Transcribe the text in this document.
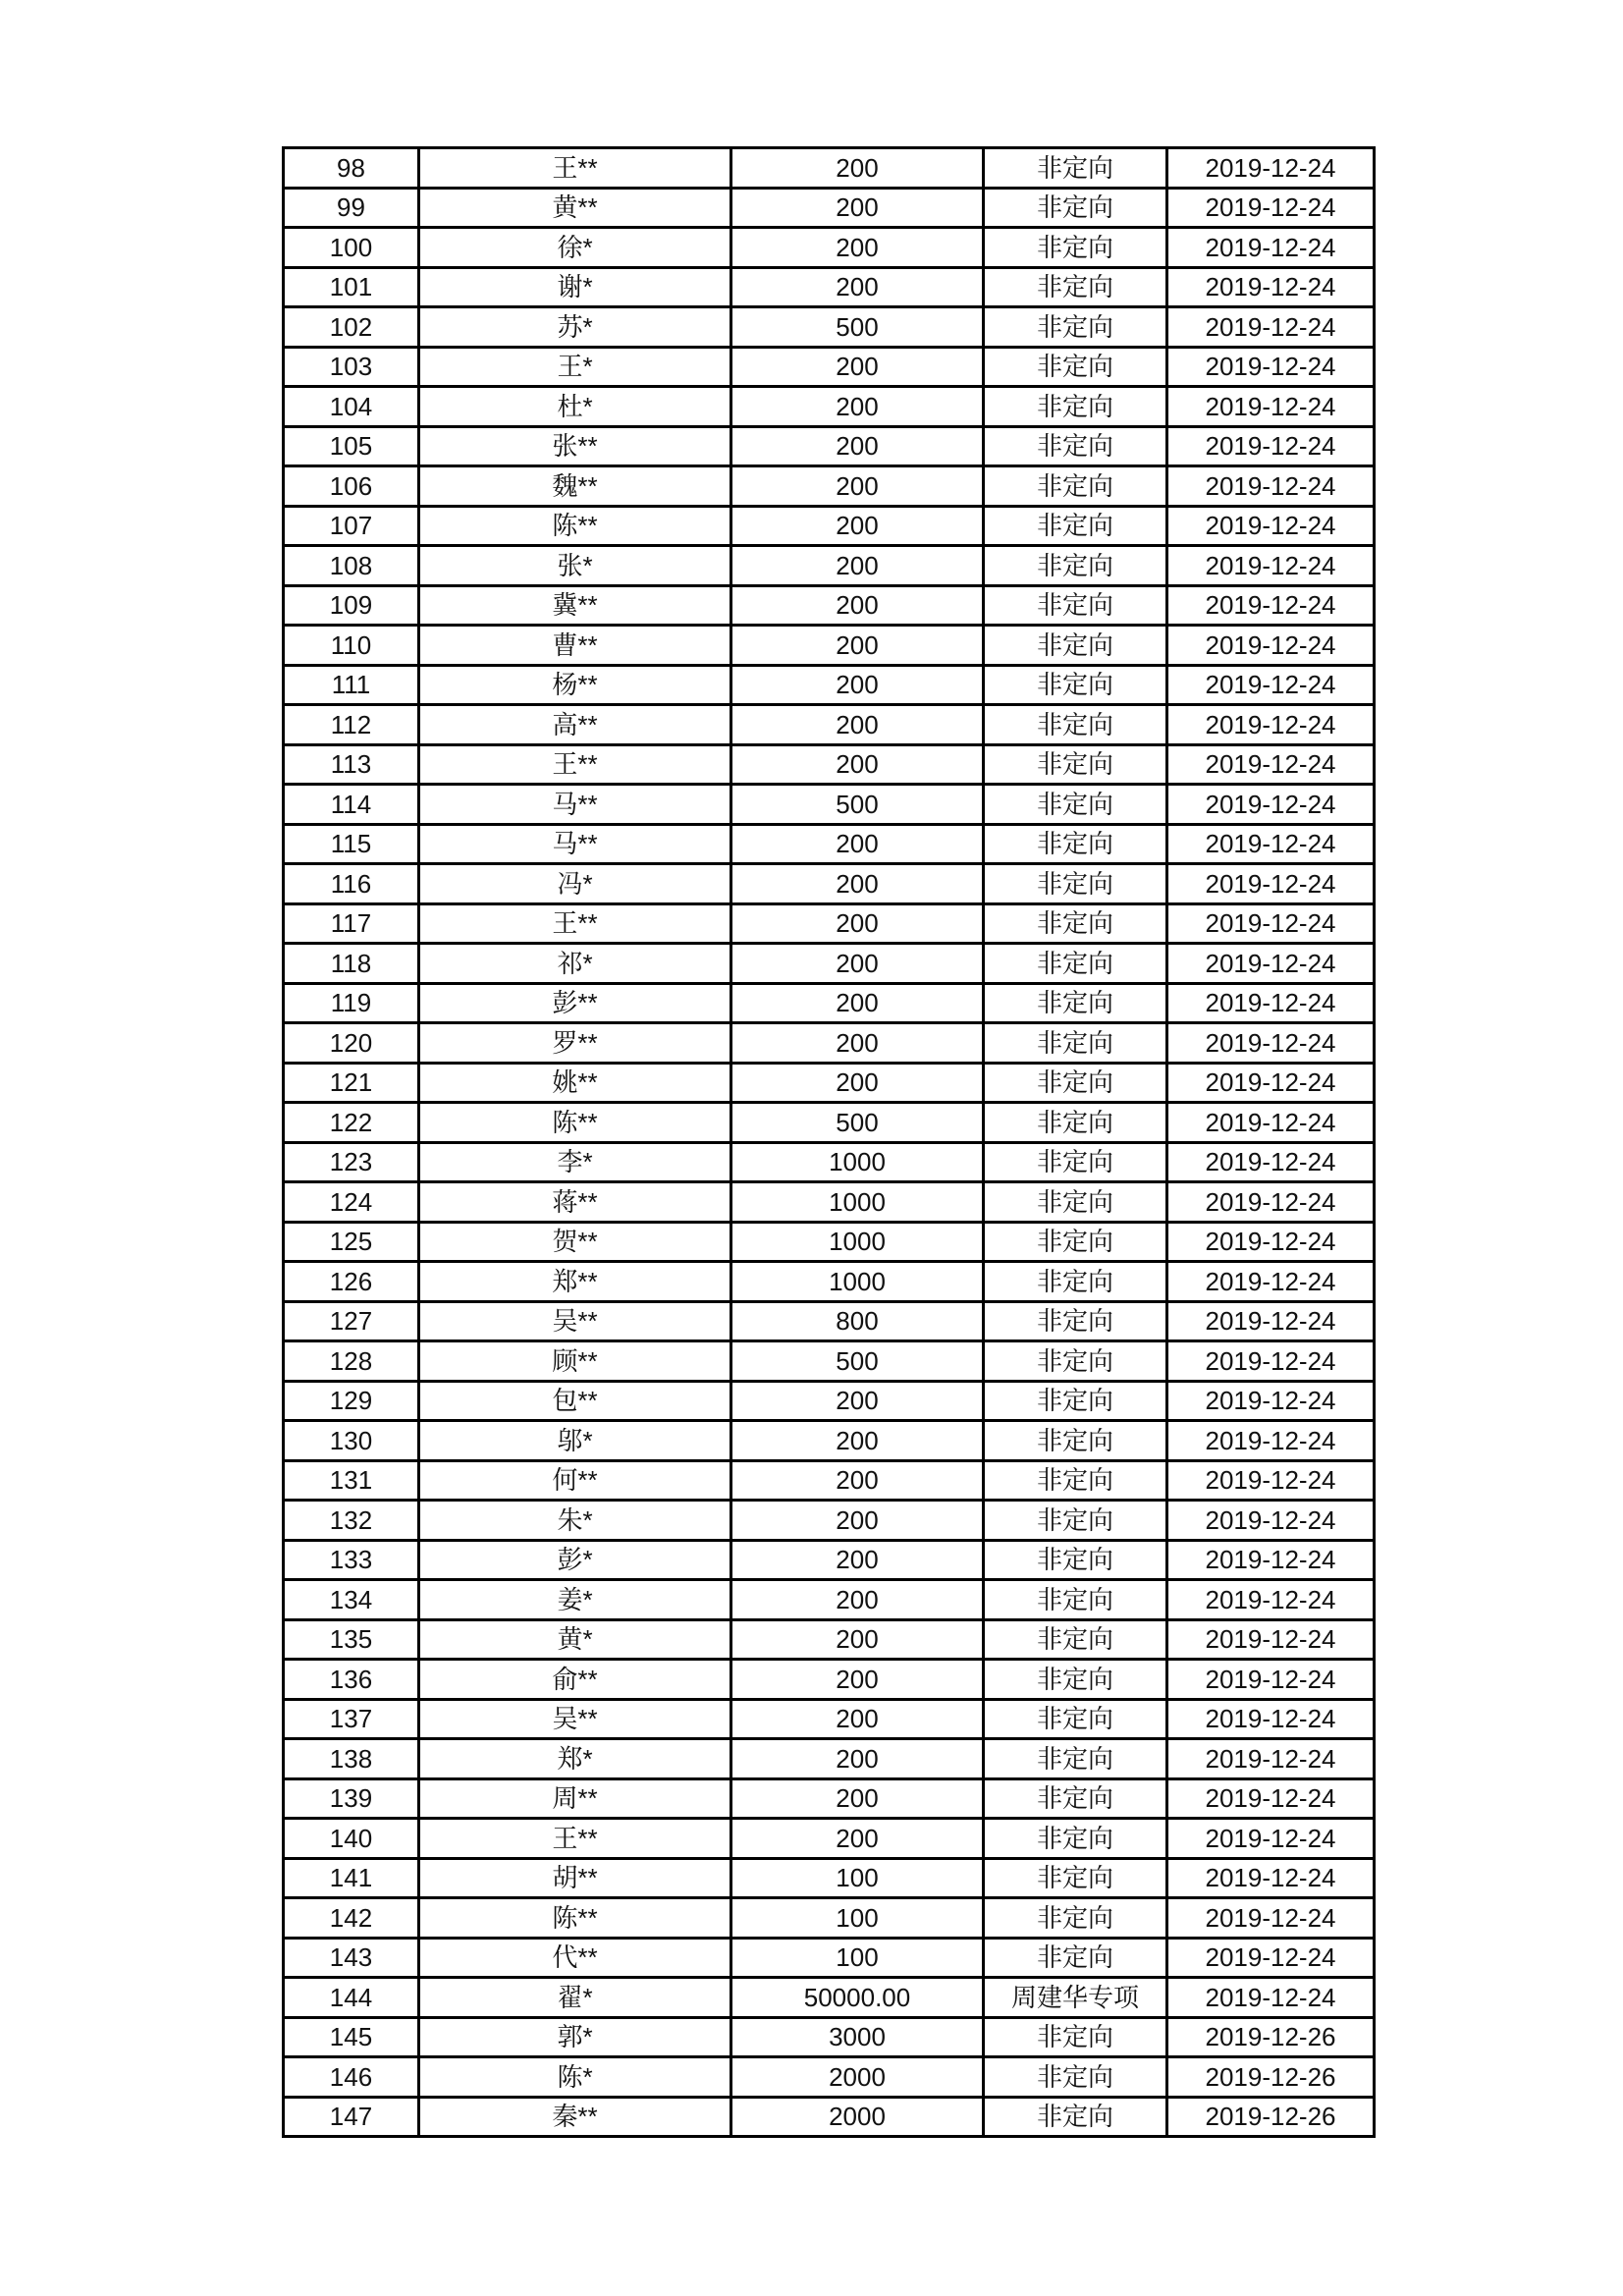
98	王**	200	非定向	2019-12-24
99	黄**	200	非定向	2019-12-24
100	徐*	200	非定向	2019-12-24
101	谢*	200	非定向	2019-12-24
102	苏*	500	非定向	2019-12-24
103	王*	200	非定向	2019-12-24
104	杜*	200	非定向	2019-12-24
105	张**	200	非定向	2019-12-24
106	魏**	200	非定向	2019-12-24
107	陈**	200	非定向	2019-12-24
108	张*	200	非定向	2019-12-24
109	冀**	200	非定向	2019-12-24
110	曹**	200	非定向	2019-12-24
111	杨**	200	非定向	2019-12-24
112	高**	200	非定向	2019-12-24
113	王**	200	非定向	2019-12-24
114	马**	500	非定向	2019-12-24
115	马**	200	非定向	2019-12-24
116	冯*	200	非定向	2019-12-24
117	王**	200	非定向	2019-12-24
118	祁*	200	非定向	2019-12-24
119	彭**	200	非定向	2019-12-24
120	罗**	200	非定向	2019-12-24
121	姚**	200	非定向	2019-12-24
122	陈**	500	非定向	2019-12-24
123	李*	1000	非定向	2019-12-24
124	蒋**	1000	非定向	2019-12-24
125	贺**	1000	非定向	2019-12-24
126	郑**	1000	非定向	2019-12-24
127	吴**	800	非定向	2019-12-24
128	顾**	500	非定向	2019-12-24
129	包**	200	非定向	2019-12-24
130	邬*	200	非定向	2019-12-24
131	何**	200	非定向	2019-12-24
132	朱*	200	非定向	2019-12-24
133	彭*	200	非定向	2019-12-24
134	姜*	200	非定向	2019-12-24
135	黄*	200	非定向	2019-12-24
136	俞**	200	非定向	2019-12-24
137	吴**	200	非定向	2019-12-24
138	郑*	200	非定向	2019-12-24
139	周**	200	非定向	2019-12-24
140	王**	200	非定向	2019-12-24
141	胡**	100	非定向	2019-12-24
142	陈**	100	非定向	2019-12-24
143	代**	100	非定向	2019-12-24
144	翟*	50000.00	周建华专项	2019-12-24
145	郭*	3000	非定向	2019-12-26
146	陈*	2000	非定向	2019-12-26
147	秦**	2000	非定向	2019-12-26
